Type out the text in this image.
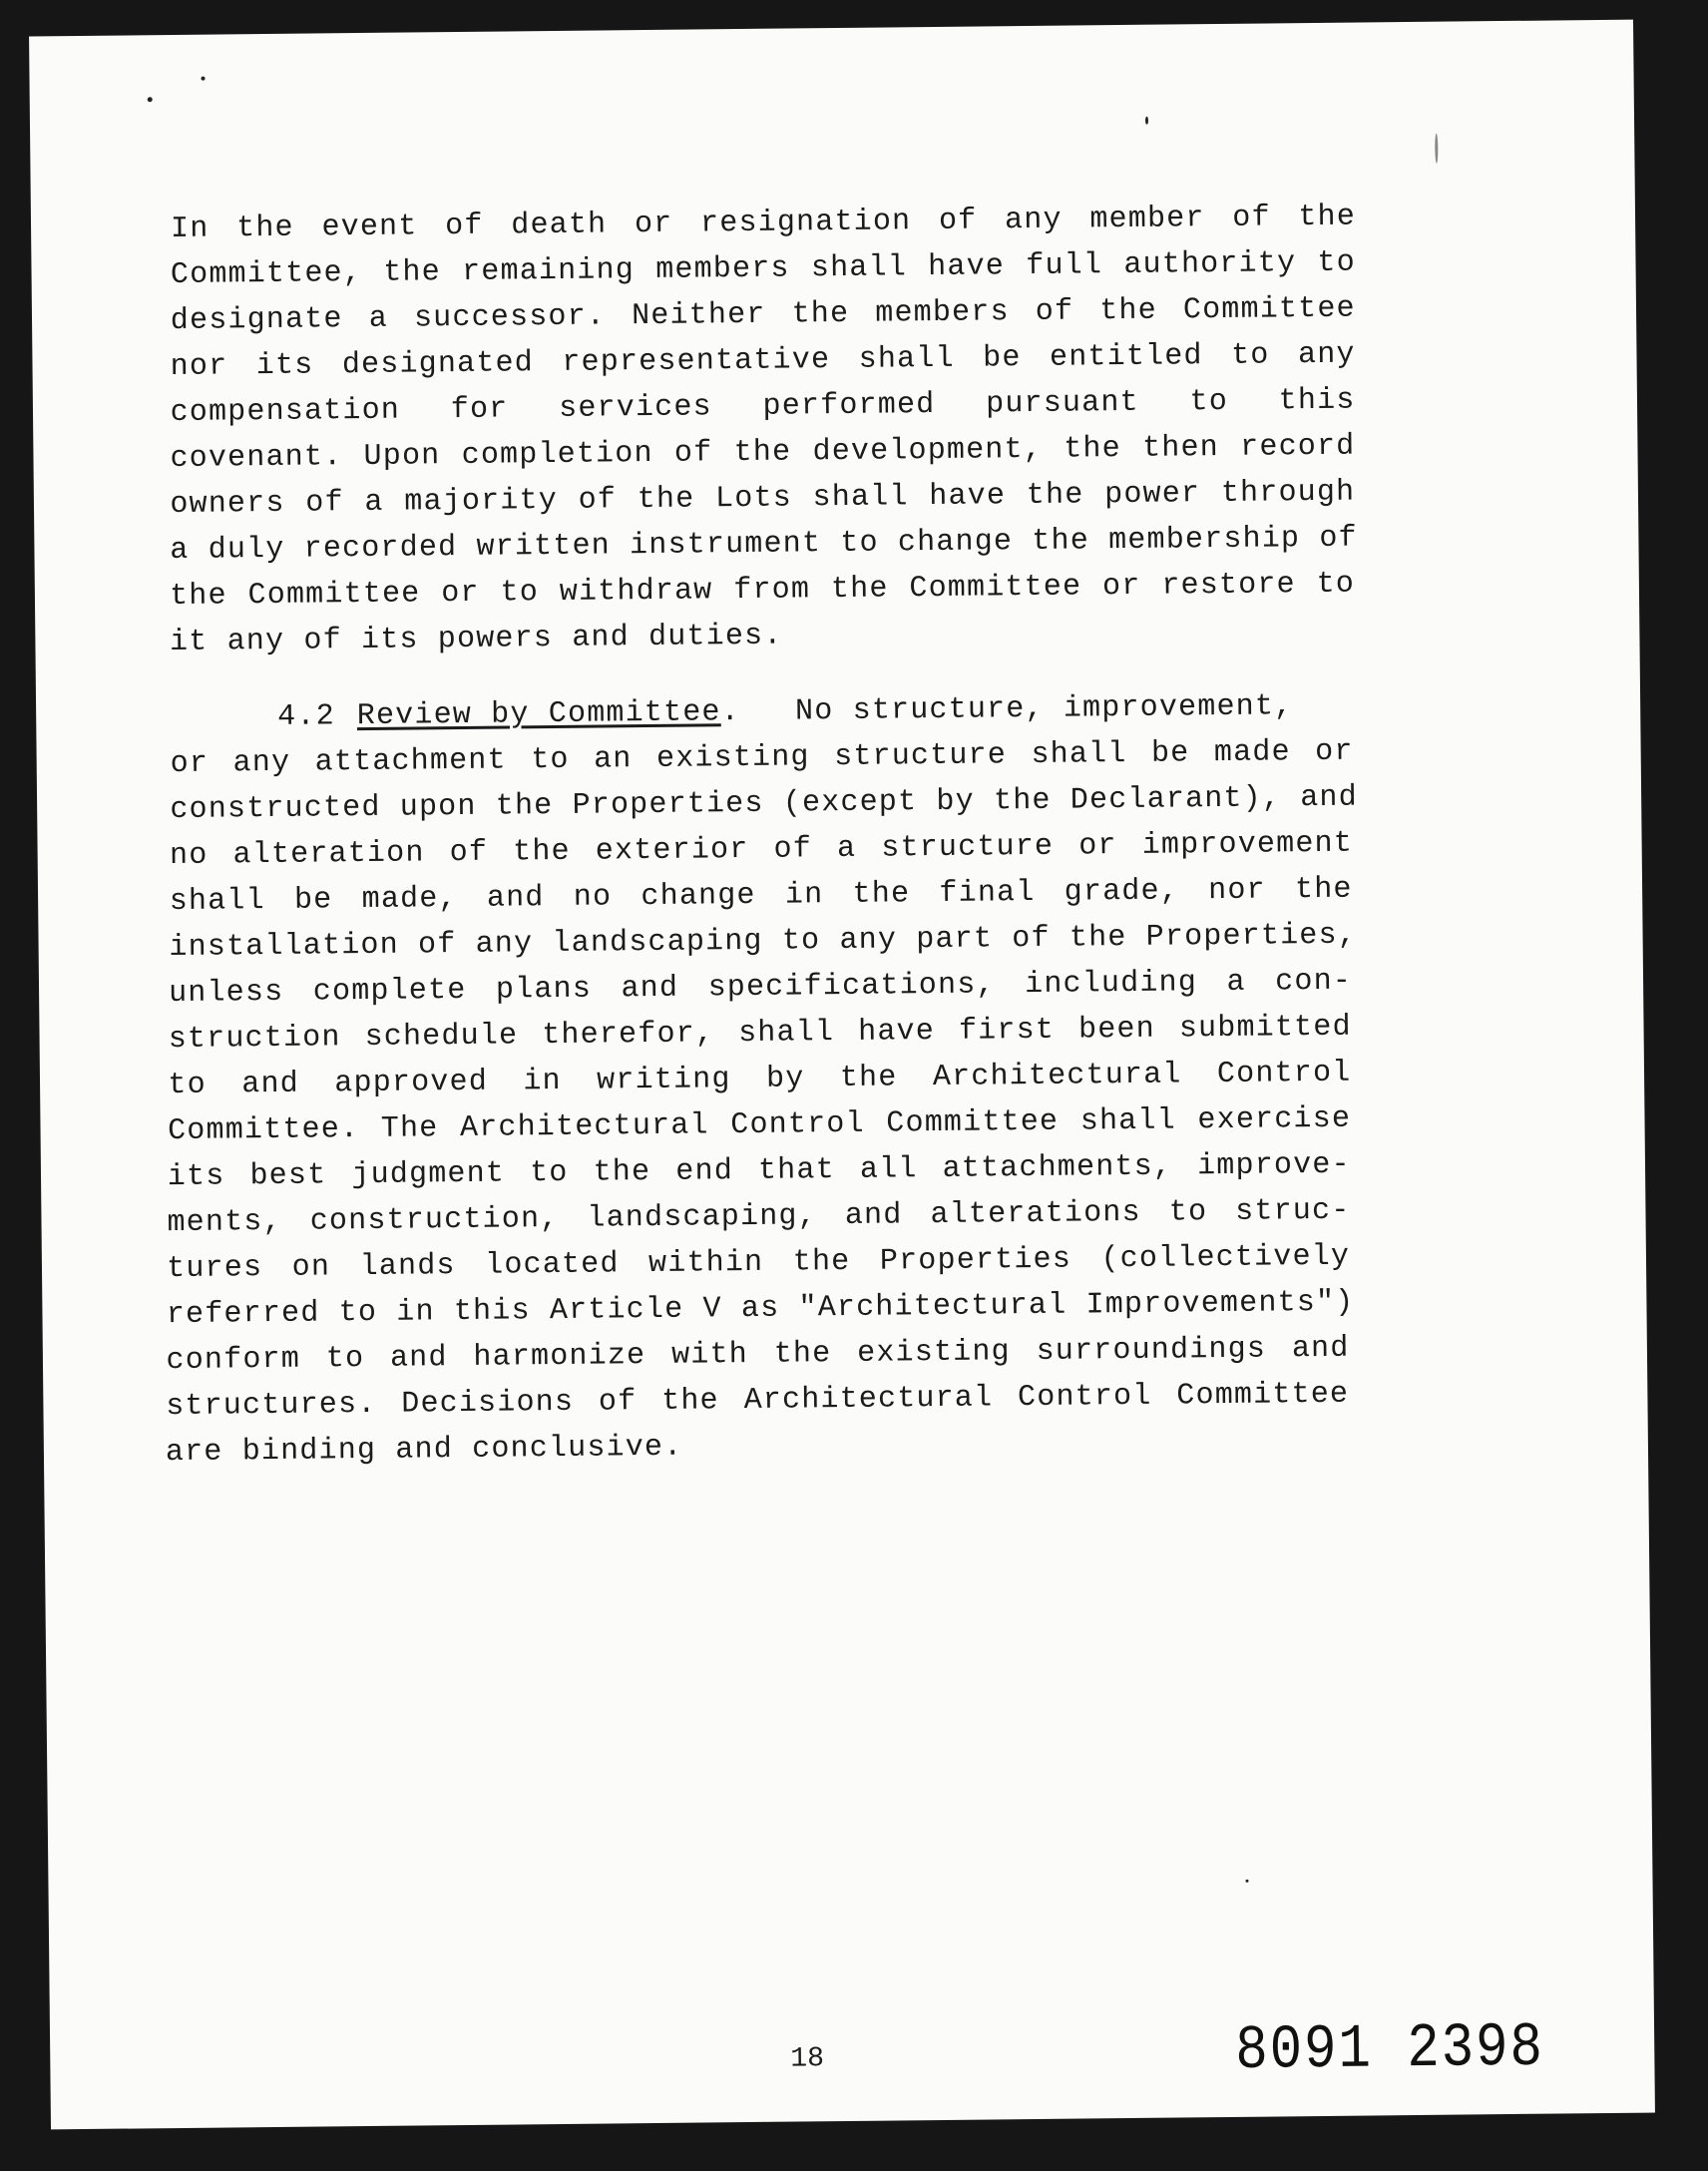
In the event of death or resignation of any member of the
Committee, the remaining members shall have full authority to
designate a successor. Neither the members of the Committee
nor its designated representative shall be entitled to any
compensation for services performed pursuant to this
covenant. Upon completion of the development, the then record
owners of a majority of the Lots shall have the power through
a duly recorded written instrument to change the membership of
the Committee or to withdraw from the Committee or restore to
it any of its powers and duties.
4.2 Review by Committee. No structure, improvement,
or any attachment to an existing structure shall be made or
constructed upon the Properties (except by the Declarant), and
no alteration of the exterior of a structure or improvement
shall be made, and no change in the final grade, nor the
installation of any landscaping to any part of the Properties,
unless complete plans and specifications, including a con-
struction schedule therefor, shall have first been submitted
to and approved in writing by the Architectural Control
Committee. The Architectural Control Committee shall exercise
its best judgment to the end that all attachments, improve-
ments, construction, landscaping, and alterations to struc-
tures on lands located within the Properties (collectively
referred to in this Article V as "Architectural Improvements")
conform to and harmonize with the existing surroundings and
structures. Decisions of the Architectural Control Committee
are binding and conclusive.
18	8091 2398
